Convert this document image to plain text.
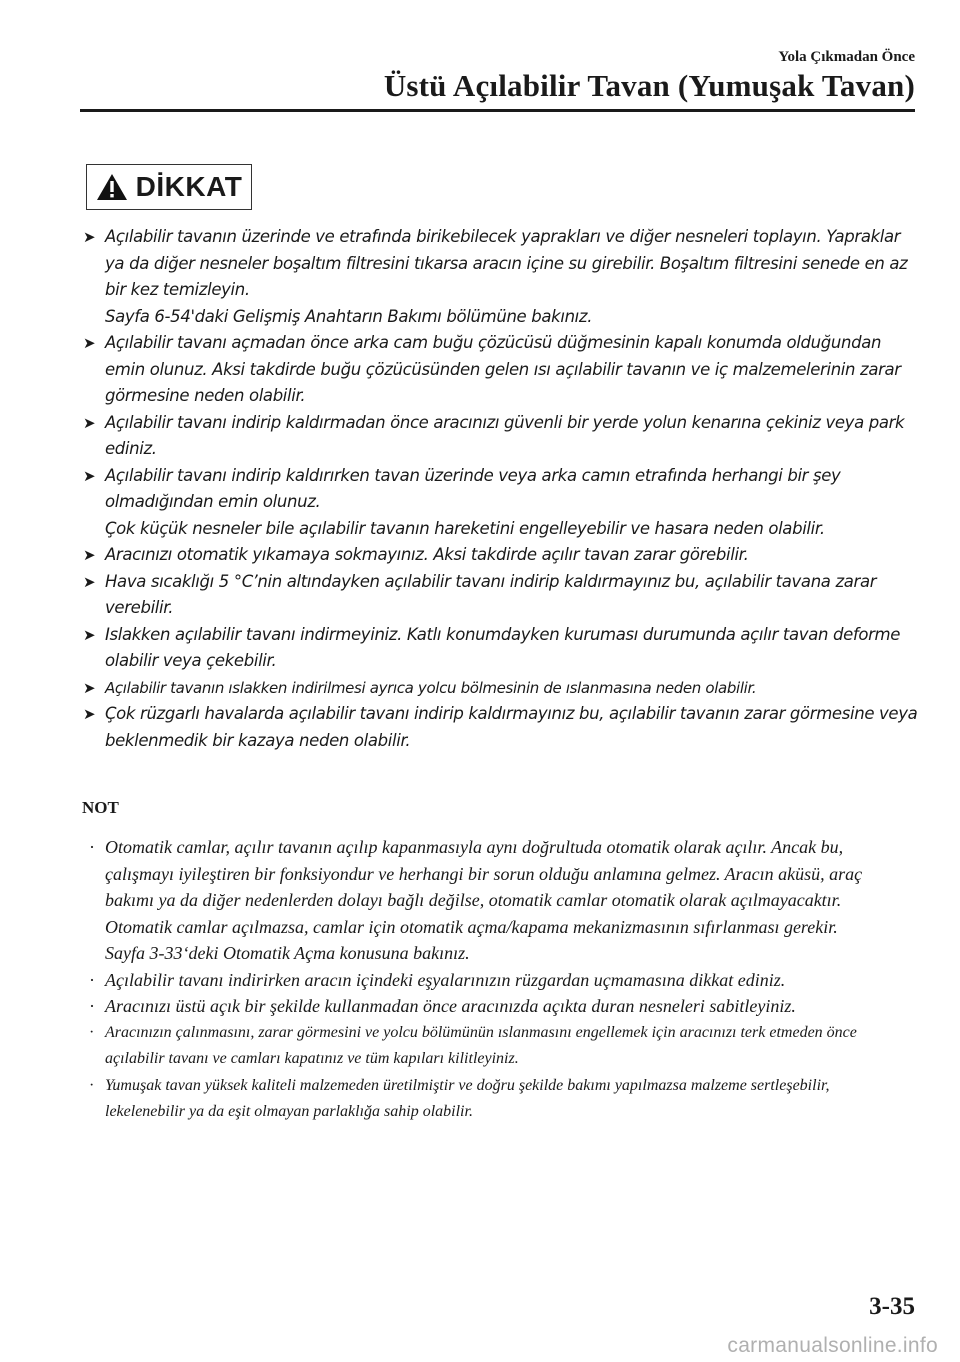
Yola Çıkmadan Önce
Üstü Açılabilir Tavan (Yumuşak Tavan)
DİKKAT
➤ Açılabilir tavanın üzerinde ve etrafında birikebilecek yaprakları ve diğer nesneleri toplayın. Yapraklar ya da diğer nesneler boşaltım filtresini tıkarsa aracın içine su girebilir. Boşaltım filtresini senede en az bir kez temizleyin.
Sayfa 6-54'daki Gelişmiş Anahtarın Bakımı bölümüne bakınız.
➤ Açılabilir tavanı açmadan önce arka cam buğu çözücüsü düğmesinin kapalı konumda olduğundan emin olunuz. Aksi takdirde buğu çözücüsünden gelen ısı açılabilir tavanın ve iç malzemelerinin zarar görmesine neden olabilir.
➤ Açılabilir tavanı indirip kaldırmadan önce aracınızı güvenli bir yerde yolun kenarına çekiniz veya park ediniz.
➤ Açılabilir tavanı indirip kaldırırken tavan üzerinde veya arka camın etrafında herhangi bir şey olmadığından emin olunuz.
Çok küçük nesneler bile açılabilir tavanın hareketini engelleyebilir ve hasara neden olabilir.
➤ Aracınızı otomatik yıkamaya sokmayınız. Aksi takdirde açılır tavan zarar görebilir.
➤ Hava sıcaklığı 5 °C’nin altındayken açılabilir tavanı indirip kaldırmayınız bu, açılabilir tavana zarar verebilir.
➤ Islakken açılabilir tavanı indirmeyiniz. Katlı konumdayken kuruması durumunda açılır tavan deforme olabilir veya çekebilir.
➤ Açılabilir tavanın ıslakken indirilmesi ayrıca yolcu bölmesinin de ıslanmasına neden olabilir.
➤ Çok rüzgarlı havalarda açılabilir tavanı indirip kaldırmayınız bu, açılabilir tavanın zarar görmesine veya beklenmedik bir kazaya neden olabilir.
NOT
· Otomatik camlar, açılır tavanın açılıp kapanmasıyla aynı doğrultuda otomatik olarak açılır. Ancak bu, çalışmayı iyileştiren bir fonksiyondur ve herhangi bir sorun olduğu anlamına gelmez. Aracın aküsü, araç bakımı ya da diğer nedenlerden dolayı bağlı değilse, otomatik camlar otomatik olarak açılmayacaktır. Otomatik camlar açılmazsa, camlar için otomatik açma/kapama mekanizmasının sıfırlanması gerekir.
Sayfa 3-33‘deki Otomatik Açma konusuna bakınız.
· Açılabilir tavanı indirirken aracın içindeki eşyalarınızın rüzgardan uçmamasına dikkat ediniz.
· Aracınızı üstü açık bir şekilde kullanmadan önce aracınızda açıkta duran nesneleri sabitleyiniz.
· Aracınızın çalınmasını, zarar görmesini ve yolcu bölümünün ıslanmasını engellemek için aracınızı terk etmeden önce açılabilir tavanı ve camları kapatınız ve tüm kapıları kilitleyiniz.
· Yumuşak tavan yüksek kaliteli malzemeden üretilmiştir ve doğru şekilde bakımı yapılmazsa malzeme sertleşebilir, lekelenebilir ya da eşit olmayan parlaklığa sahip olabilir.
3-35
carmanualsonline.info
